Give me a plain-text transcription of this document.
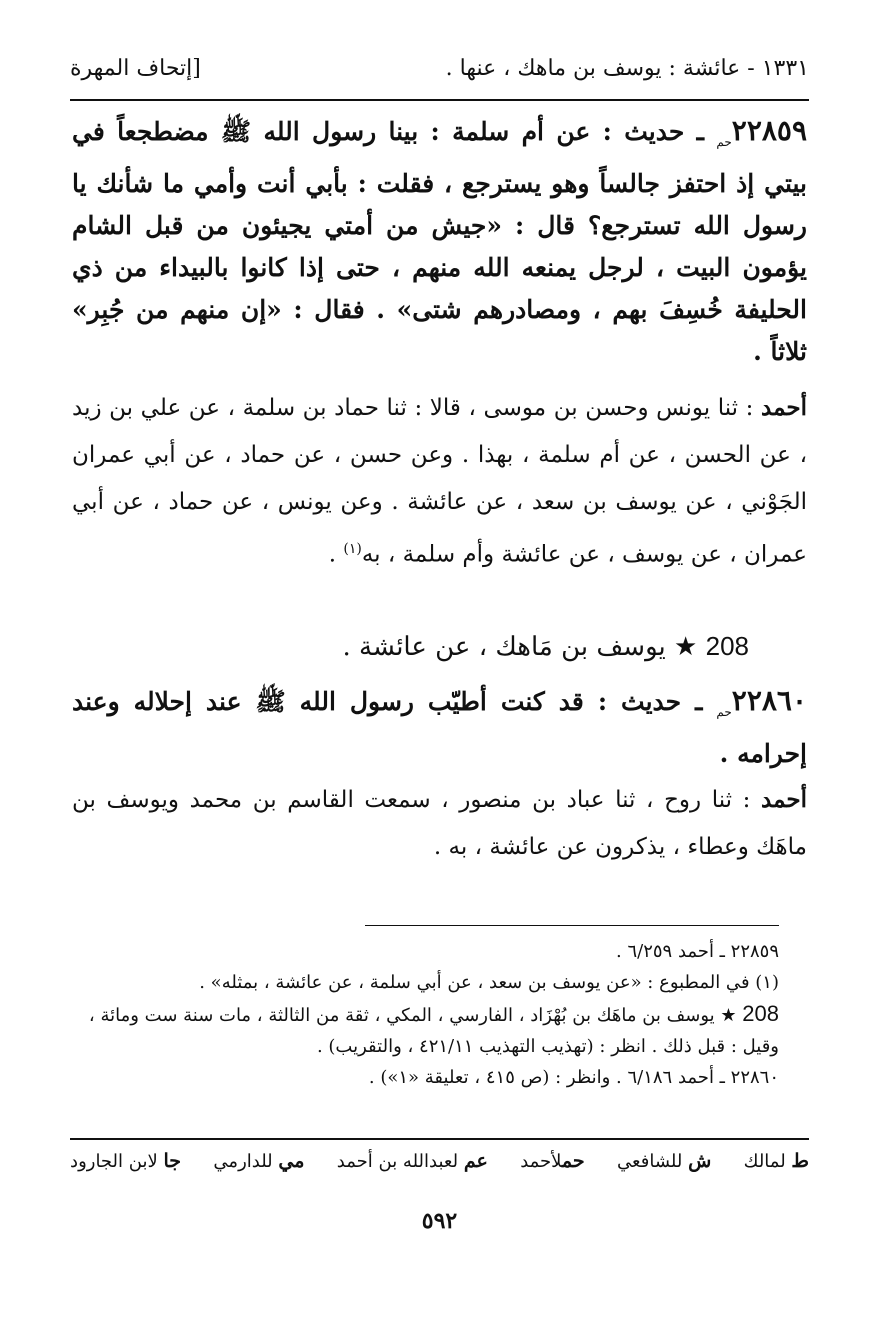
١٣٣١ - عائشة : يوسف بن ماهك ، عنها .
[إتحاف المهرة
$٢٢٨٥٩_{حم}$ ـ حديث : عن أم سلمة : بينا رسول الله ﷺ مضطجعاً في بيتي إذ احتفز جالساً وهو يسترجع ، فقلت : بأبي أنت وأمي ما شأنك يا رسول الله تسترجع؟ قال : «جيش من أمتي يجيئون من قبل الشام يؤمون البيت ، لرجل يمنعه الله منهم ، حتى إذا كانوا بالبيداء من ذي الحليفة خُسِفَ بهم ، ومصادرهم شتى» . فقال : «إن منهم من جُبِر» ثلاثاً .
أحمد : ثنا يونس وحسن بن موسى ، قالا : ثنا حماد بن سلمة ، عن علي بن زيد ، عن الحسن ، عن أم سلمة ، بهذا . وعن حسن ، عن حماد ، عن أبي عمران الجَوْني ، عن يوسف بن سعد ، عن عائشة . وعن يونس ، عن حماد ، عن أبي عمران ، عن يوسف ، عن عائشة وأم سلمة ، به$^{(١)}$ .
208 ★ يوسف بن مَاهك ، عن عائشة .
$٢٢٨٦٠_{حم}$ ـ حديث : قد كنت أطيّب رسول الله ﷺ عند إحلاله وعند إحرامه .
أحمد : ثنا روح ، ثنا عباد بن منصور ، سمعت القاسم بن محمد ويوسف بن ماهَك وعطاء ، يذكرون عن عائشة ، به .

٢٢٨٥٩ ـ أحمد ٦/٢٥٩ .

(١) في المطبوع : «عن يوسف بن سعد ، عن أبي سلمة ، عن عائشة ، بمثله» .

208 ★ يوسف بن ماهَك بن بُهْزَاد ، الفارسي ، المكي ، ثقة من الثالثة ، مات سنة ست ومائة ، وقيل : قبل ذلك . انظر : (تهذيب التهذيب ٤٢١/١١ ، والتقريب) .

٢٢٨٦٠ ـ أحمد ٦/١٨٦ . وانظر : (ص ٤١٥ ، تعليقة «١») .

ط لمالك
ش للشافعي
حملأحمد
عم لعبدالله بن أحمد
مي للدارمي
جا لابن الجارود
٥٩٢
